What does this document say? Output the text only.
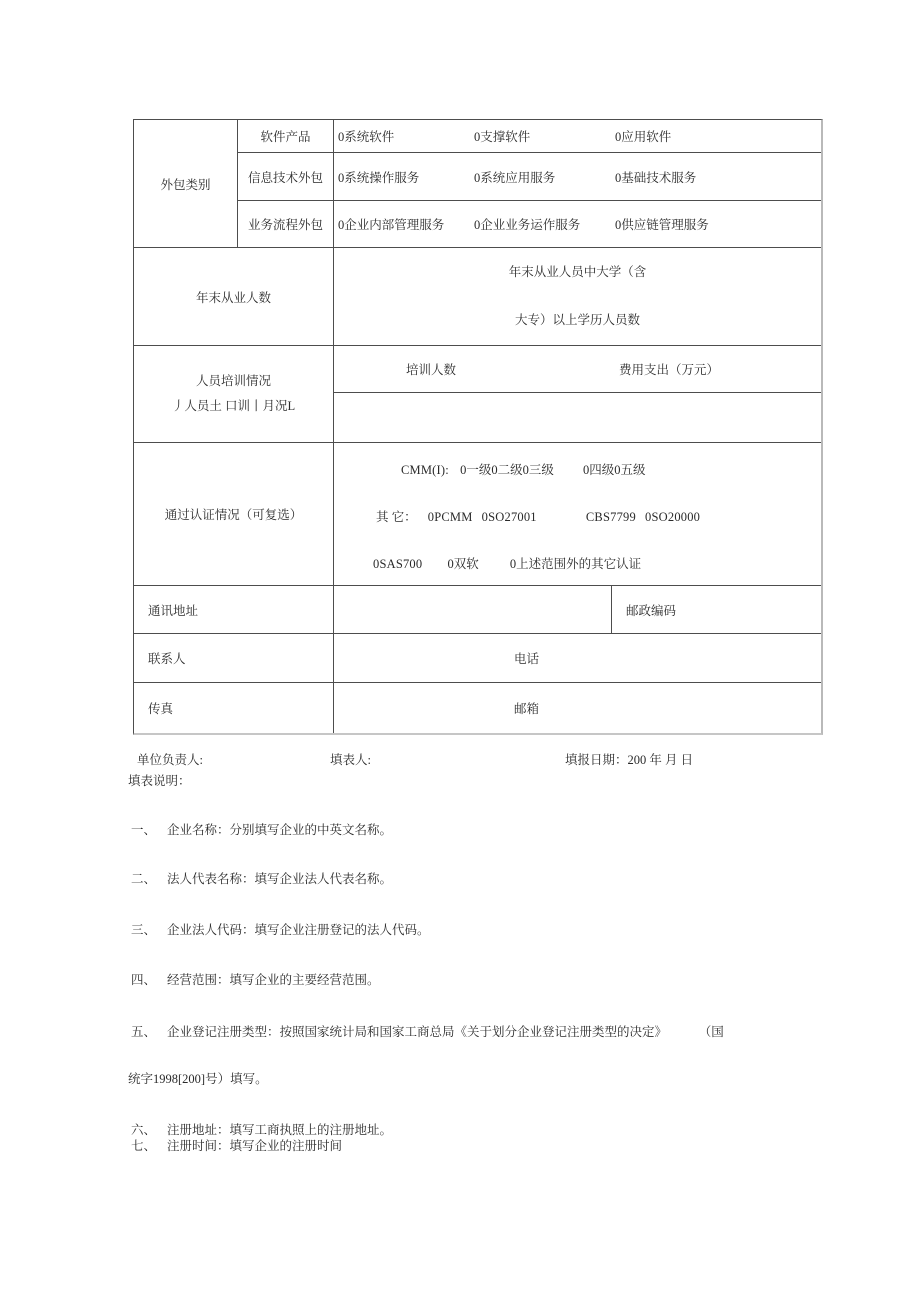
外包类别
软件产品 0系统软件	0支撑软件	0应用软件
信息技术外包 0系统操作服务	0系统应用服务	0基础技术服务
业务流程外包 0企业内部管理服务 0企业业务运作服务	0供应链管理服务
年末从业人数
年末从业人员中大学（含
大专）以上学历人员数
人员培训情况
丿人员土 口训丨月况L
培训人数	费用支出（万元）
通过认证情况（可复选）
CMM(I): 0一级0二级0三级 0四级0五级
其 它： 0PCMM 0SO27001	CBS7799 0SO20000
0SAS700 0双软 0上述范围外的其它认证
通讯地址	邮政编码
联系人	电话
传真	邮箱
单位负责人:	填表人:	填报日期：200 年 月 日
填表说明：
一、 企业名称：分别填写企业的中英文名称。
二、 法人代表名称：填写企业法人代表名称。
三、 企业法人代码：填写企业注册登记的法人代码。
四、 经营范围：填写企业的主要经营范围。
五、 企业登记注册类型：按照国家统计局和国家工商总局《关于划分企业登记注册类型的决定》	（国
统字1998[200]号）填写。
六、 注册地址：填写工商执照上的注册地址。
七、 注册时间：填写企业的注册时间
